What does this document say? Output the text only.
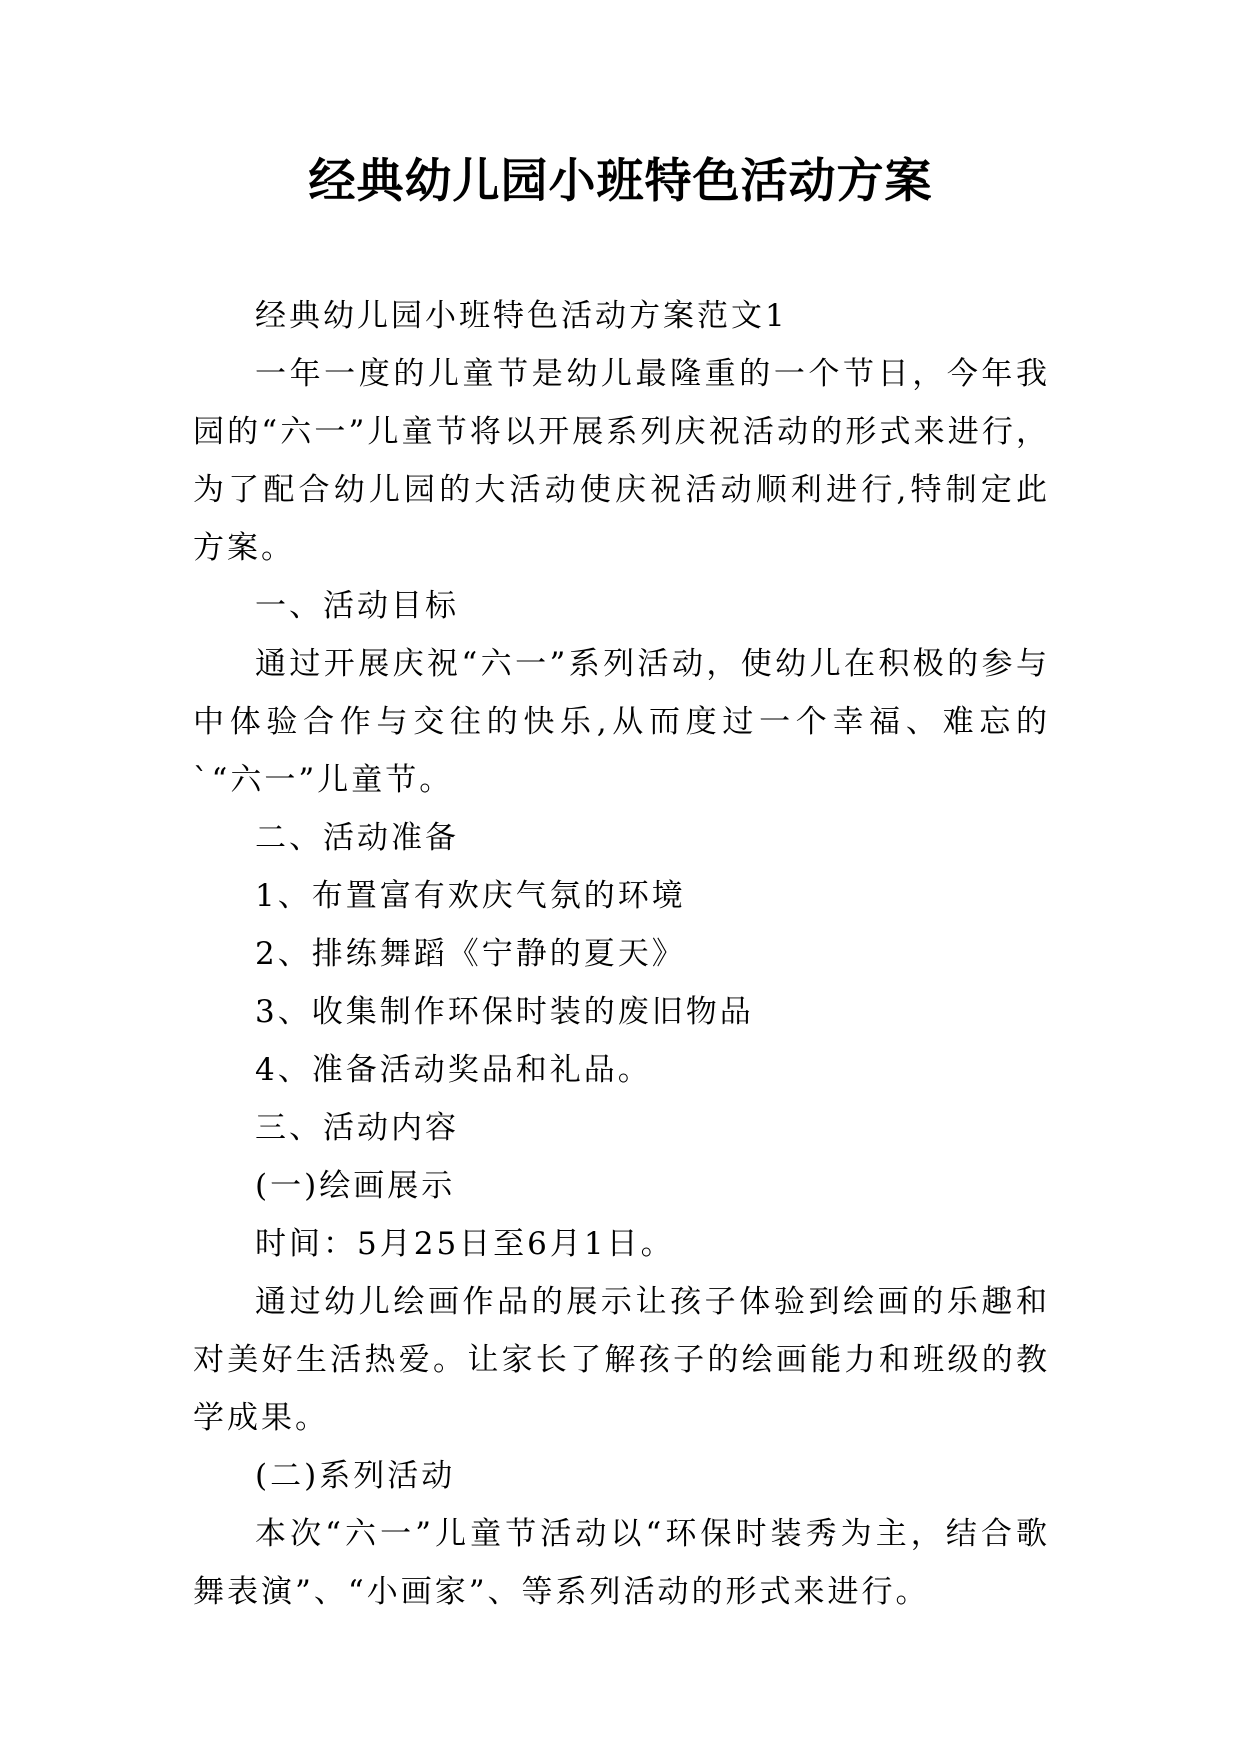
经典幼儿园小班特色活动方案

经典幼儿园小班特色活动方案范文1

一年一度的儿童节是幼儿最隆重的一个节日，今年我园的“六一”儿童节将以开展系列庆祝活动的形式来进行，为了配合幼儿园的大活动使庆祝活动顺利进行,特制定此方案。

一、活动目标

通过开展庆祝“六一”系列活动，使幼儿在积极的参与中体验合作与交往的快乐,从而度过一个幸福、难忘的`“六一”儿童节。

二、活动准备

1、布置富有欢庆气氛的环境

2、排练舞蹈《宁静的夏天》

3、收集制作环保时装的废旧物品

4、准备活动奖品和礼品。

三、活动内容

(一)绘画展示

时间：5月25日至6月1日。

通过幼儿绘画作品的展示让孩子体验到绘画的乐趣和对美好生活热爱。让家长了解孩子的绘画能力和班级的教学成果。

(二)系列活动

本次“六一”儿童节活动以“环保时装秀为主，结合歌舞表演”、“小画家”、等系列活动的形式来进行。
